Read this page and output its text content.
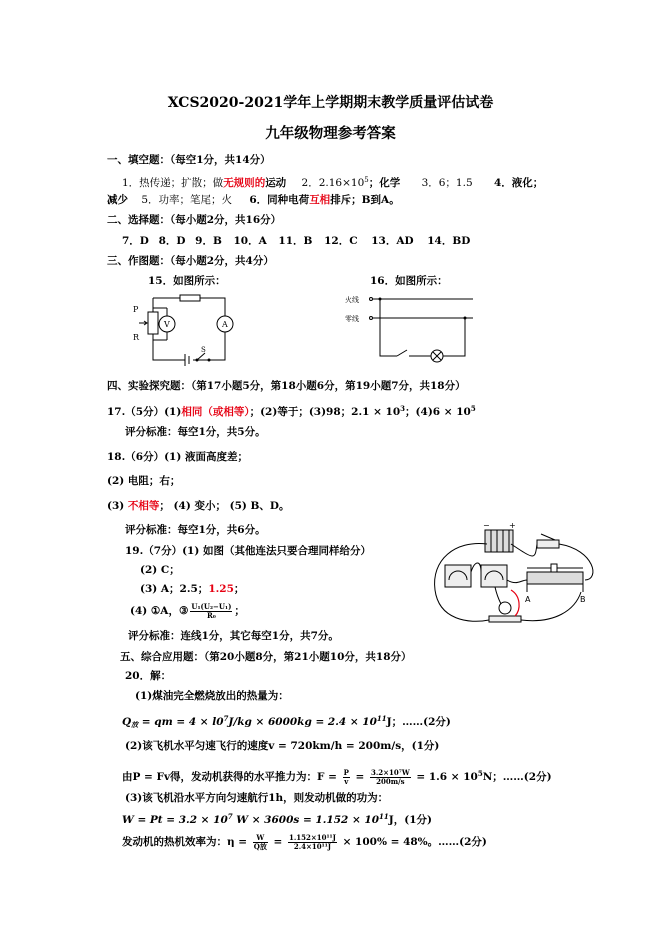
XCS2020-2021学年上学期期末教学质量评估试卷
九年级物理参考答案
一、填空题：（每空1分，共14分）
1．热传递；扩散；做无规则的运动 2．$2.16\times 10^5$；化学 3．6；1.5 4．液化；
减少 5．功率；笔尾；火 6．同种电荷互相排斥；B到A。
二、选择题：（每小题2分，共16分）
7．D 8．D 9．B 10．A 11．B 12．C 13．AD 14．BD
三、作图题：（每小题2分，共4分）
15．如图所示：	16．如图所示：
P
R
V	A
S
火线
零线
四、实验探究题：（第17小题5分，第18小题6分，第19小题7分，共18分）
17.（5分）(1)相同（或相等）；(2)等于；(3)98；$2.1 \times 10^3$；$(4)6 \times 10^5$
评分标准：每空1分，共5分。
18.（6分）(1) 液面高度差；
(2) 电阻；右；
(3) 不相等； (4) 变小； (5) B、D。
评分标准：每空1分，共6分。
19.（7分）(1) 如图（其他连法只要合理同样给分）
(2) C；
(3) A；2.5；1.25；
(4) ①A，③ $\frac{\text{U₁(U₂−U₁)}}{\text{R₀}}$ ；
评分标准：连线1分，其它每空1分，共7分。
− +
A	B
五、综合应用题：（第20小题8分，第21小题10分，共18分）
20．解：
(1)煤油完全燃烧放出的热量为：
$Q_放$ = qm = $4 \times l0^7J/kg \times 6000kg = 2.4 \times 10^{11}J$；……(2分)
(2)该飞机水平匀速飞行的速度v = 720km/h = 200m/s，(1分)
由P = Fv得，发动机获得的水平推力为：$F = \frac{P}{v} = \frac{\text{3.2×10⁷W}}{200m/s} = 1.6 \times 10^5N$；……(2分)
(3)该飞机沿水平方向匀速航行1h，则发动机做的功为：
$W = Pt = 3.2 \times 10^7$ $W \times 3600s = 1.152 \times 10^{11}J$，(1分)
发动机的热机效率为：$\eta = \frac{W}{\text{Q放}} = \frac{\text{1.152×10¹¹J}}{\text{2.4×10¹¹J}} \times 100\% = 48\%$。……(2分)
